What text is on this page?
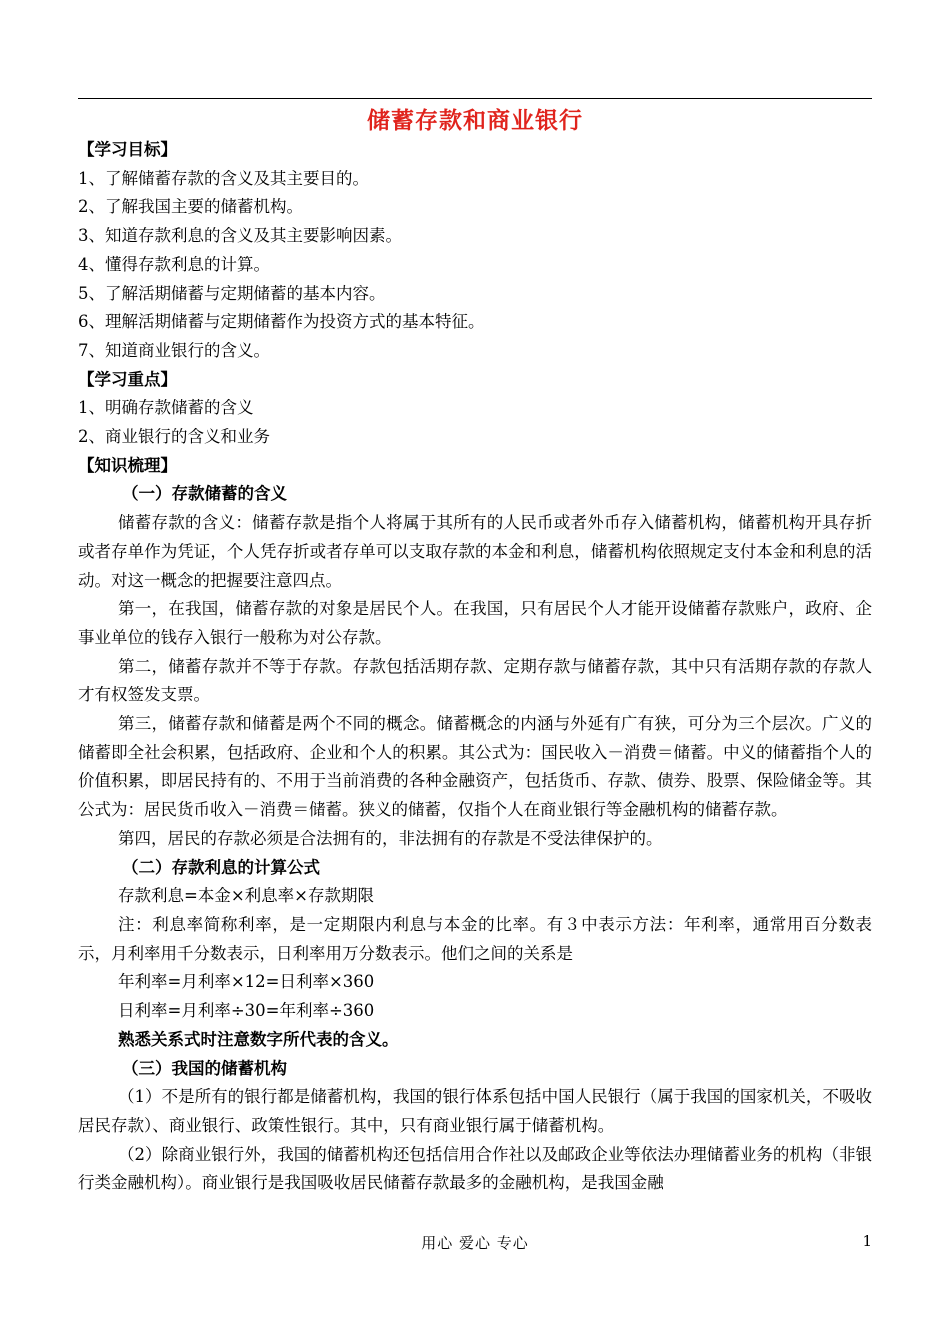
储蓄存款和商业银行

【学习目标】

1、了解储蓄存款的含义及其主要目的。

2、了解我国主要的储蓄机构。

3、知道存款利息的含义及其主要影响因素。

4、懂得存款利息的计算。

5、了解活期储蓄与定期储蓄的基本内容。

6、理解活期储蓄与定期储蓄作为投资方式的基本特征。

7、知道商业银行的含义。

【学习重点】

1、明确存款储蓄的含义

2、商业银行的含义和业务

【知识梳理】

（一）存款储蓄的含义

储蓄存款的含义：储蓄存款是指个人将属于其所有的人民币或者外币存入储蓄机构，储蓄机构开具存折或者存单作为凭证，个人凭存折或者存单可以支取存款的本金和利息，储蓄机构依照规定支付本金和利息的活动。对这一概念的把握要注意四点。

第一，在我国，储蓄存款的对象是居民个人。在我国，只有居民个人才能开设储蓄存款账户，政府、企事业单位的钱存入银行一般称为对公存款。

第二，储蓄存款并不等于存款。存款包括活期存款、定期存款与储蓄存款，其中只有活期存款的存款人才有权签发支票。

第三，储蓄存款和储蓄是两个不同的概念。储蓄概念的内涵与外延有广有狭，可分为三个层次。广义的储蓄即全社会积累，包括政府、企业和个人的积累。其公式为：国民收入－消费＝储蓄。中义的储蓄指个人的价值积累，即居民持有的、不用于当前消费的各种金融资产，包括货币、存款、债券、股票、保险储金等。其公式为：居民货币收入－消费＝储蓄。狭义的储蓄，仅指个人在商业银行等金融机构的储蓄存款。

第四，居民的存款必须是合法拥有的，非法拥有的存款是不受法律保护的。

（二）存款利息的计算公式

存款利息=本金×利息率×存款期限

注：利息率简称利率，是一定期限内利息与本金的比率。有３中表示方法：年利率，通常用百分数表示，月利率用千分数表示，日利率用万分数表示。他们之间的关系是

年利率=月利率×12=日利率×360

日利率=月利率÷30=年利率÷360

熟悉关系式时注意数字所代表的含义。

（三）我国的储蓄机构

（1）不是所有的银行都是储蓄机构，我国的银行体系包括中国人民银行（属于我国的国家机关，不吸收居民存款）、商业银行、政策性银行。其中，只有商业银行属于储蓄机构。

（2）除商业银行外，我国的储蓄机构还包括信用合作社以及邮政企业等依法办理储蓄业务的机构（非银行类金融机构）。商业银行是我国吸收居民储蓄存款最多的金融机构，是我国金融

用心 爱心 专心	1
